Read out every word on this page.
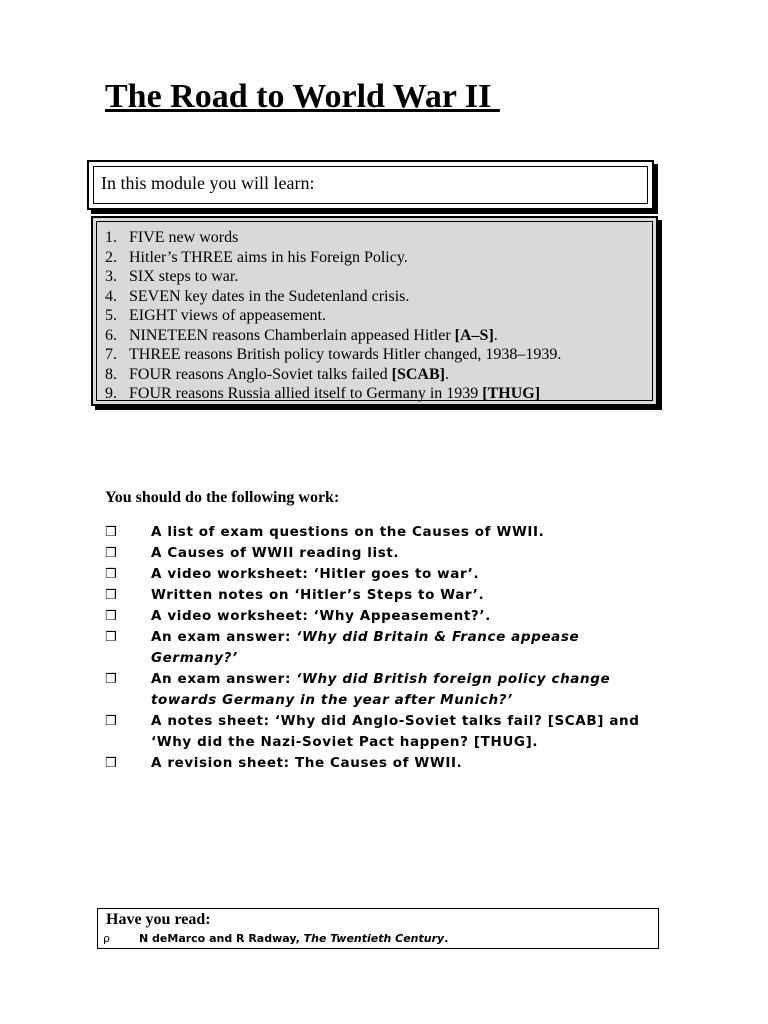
The Road to World War II

In this module you will learn:

1. FIVE new words
2. Hitler’s THREE aims in his Foreign Policy.
3. SIX steps to war.
4. SEVEN key dates in the Sudetenland crisis.
5. EIGHT views of appeasement.
6. NINETEEN reasons Chamberlain appeased Hitler [A–S].
7. THREE reasons British policy towards Hitler changed, 1938–1939.
8. FOUR reasons Anglo-Soviet talks failed [SCAB].
9. FOUR reasons Russia allied itself to Germany in 1939 [THUG]

You should do the following work:

❒	A list of exam questions on the Causes of WWII.
❒	A Causes of WWII reading list.
❒	A video worksheet: ‘Hitler goes to war’.
❒	Written notes on ‘Hitler’s Steps to War’.
❒	A video worksheet: ‘Why Appeasement?’.
❒	An exam answer: ‘Why did Britain & France appease Germany?’
❒	An exam answer: ‘Why did British foreign policy change towards Germany in the year after Munich?’
❒	A notes sheet: ‘Why did Anglo-Soviet talks fail? [SCAB] and ‘Why did the Nazi-Soviet Pact happen? [THUG].
❒	A revision sheet: The Causes of WWII.

Have you read:

ρ	N deMarco and R Radway, The Twentieth Century.
